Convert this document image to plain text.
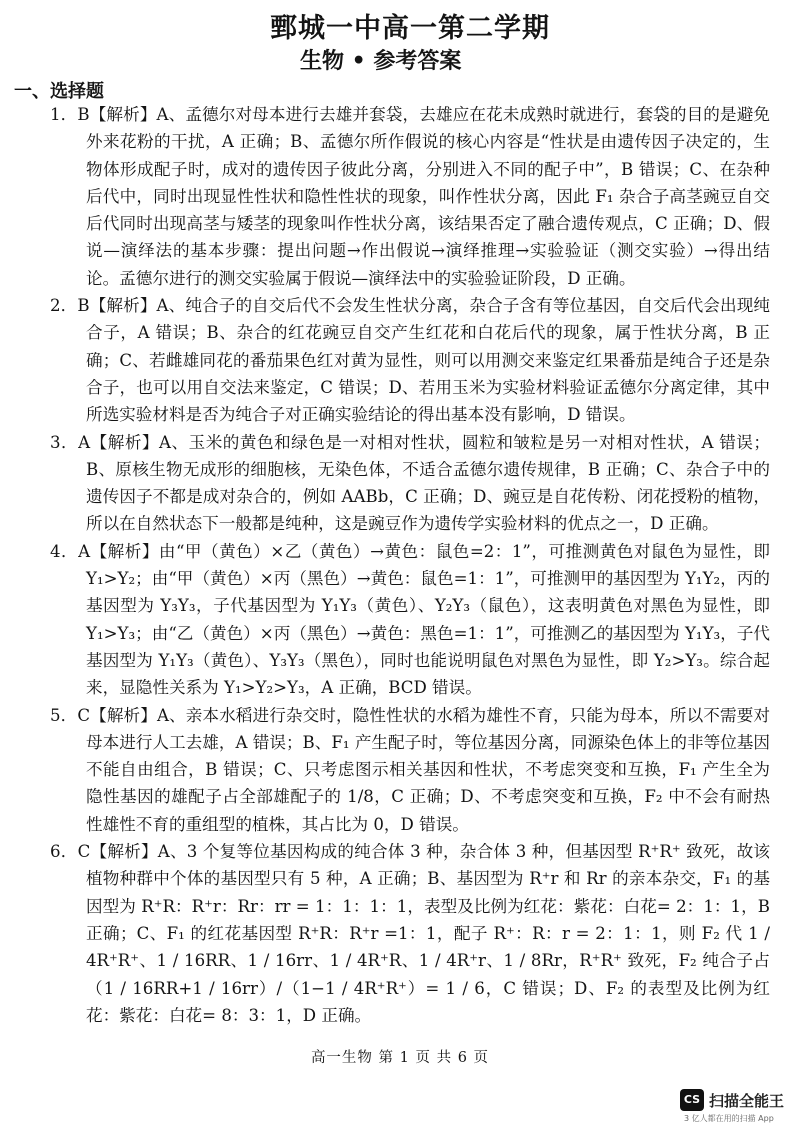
鄄城一中高一第二学期
生物 • 参考答案
一、选择题

1．B【解析】A、孟德尔对母本进行去雄并套袋，去雄应在花未成熟时就进行，套袋的目的是避免外来花粉的干扰，A 正确；B、孟德尔所作假说的核心内容是“性状是由遗传因子决定的，生物体形成配子时，成对的遗传因子彼此分离，分别进入不同的配子中”，B 错误；C、在杂种后代中，同时出现显性性状和隐性性状的现象，叫作性状分离，因此 F₁ 杂合子高茎豌豆自交后代同时出现高茎与矮茎的现象叫作性状分离，该结果否定了融合遗传观点，C 正确；D、假说—演绎法的基本步骤：提出问题→作出假说→演绎推理→实验验证（测交实验）→得出结论。孟德尔进行的测交实验属于假说—演绎法中的实验验证阶段，D 正确。

2．B【解析】A、纯合子的自交后代不会发生性状分离，杂合子含有等位基因，自交后代会出现纯合子，A 错误；B、杂合的红花豌豆自交产生红花和白花后代的现象，属于性状分离，B 正确；C、若雌雄同花的番茄果色红对黄为显性，则可以用测交来鉴定红果番茄是纯合子还是杂合子，也可以用自交法来鉴定，C 错误；D、若用玉米为实验材料验证孟德尔分离定律，其中所选实验材料是否为纯合子对正确实验结论的得出基本没有影响，D 错误。

3．A【解析】A、玉米的黄色和绿色是一对相对性状，圆粒和皱粒是另一对相对性状，A 错误；B、原核生物无成形的细胞核，无染色体，不适合孟德尔遗传规律，B 正确；C、杂合子中的遗传因子不都是成对杂合的，例如 AABb，C 正确；D、豌豆是自花传粉、闭花授粉的植物，所以在自然状态下一般都是纯种，这是豌豆作为遗传学实验材料的优点之一，D 正确。

4．A【解析】由“甲（黄色）×乙（黄色）→黄色：鼠色=2：1”，可推测黄色对鼠色为显性，即 Y₁>Y₂；由“甲（黄色）×丙（黑色）→黄色：鼠色=1：1”，可推测甲的基因型为 Y₁Y₂，丙的基因型为 Y₃Y₃，子代基因型为 Y₁Y₃（黄色）、Y₂Y₃（鼠色），这表明黄色对黑色为显性，即 Y₁>Y₃；由“乙（黄色）×丙（黑色）→黄色：黑色=1：1”，可推测乙的基因型为 Y₁Y₃，子代基因型为 Y₁Y₃（黄色）、Y₃Y₃（黑色），同时也能说明鼠色对黑色为显性，即 Y₂>Y₃。综合起来，显隐性关系为 Y₁>Y₂>Y₃，A 正确，BCD 错误。

5．C【解析】A、亲本水稻进行杂交时，隐性性状的水稻为雄性不育，只能为母本，所以不需要对母本进行人工去雄，A 错误；B、F₁ 产生配子时，等位基因分离，同源染色体上的非等位基因不能自由组合，B 错误；C、只考虑图示相关基因和性状，不考虑突变和互换，F₁ 产生全为隐性基因的雄配子占全部雄配子的 1/8，C 正确；D、不考虑突变和互换，F₂ 中不会有耐热性雄性不育的重组型的植株，其占比为 0，D 错误。

6．C【解析】A、3 个复等位基因构成的纯合体 3 种，杂合体 3 种，但基因型 R⁺R⁺ 致死，故该植物种群中个体的基因型只有 5 种，A 正确；B、基因型为 R⁺r 和 Rr 的亲本杂交，F₁ 的基因型为 R⁺R：R⁺r：Rr：rr = 1：1：1：1，表型及比例为红花：紫花：白花= 2：1：1，B 正确；C、F₁ 的红花基因型 R⁺R：R⁺r =1：1，配子 R⁺：R：r = 2：1：1，则 F₂ 代 1 / 4R⁺R⁺、1 / 16RR、1 / 16rr、1 / 4R⁺R、1 / 4R⁺r、1 / 8Rr，R⁺R⁺ 致死，F₂ 纯合子占（1 / 16RR+1 / 16rr）/（1−1 / 4R⁺R⁺）= 1 / 6，C 错误；D、F₂ 的表型及比例为红花：紫花：白花= 8：3：1，D 正确。

高一生物 第 1 页 共 6 页
CS 扫描全能王
3 亿人都在用的扫描 App
